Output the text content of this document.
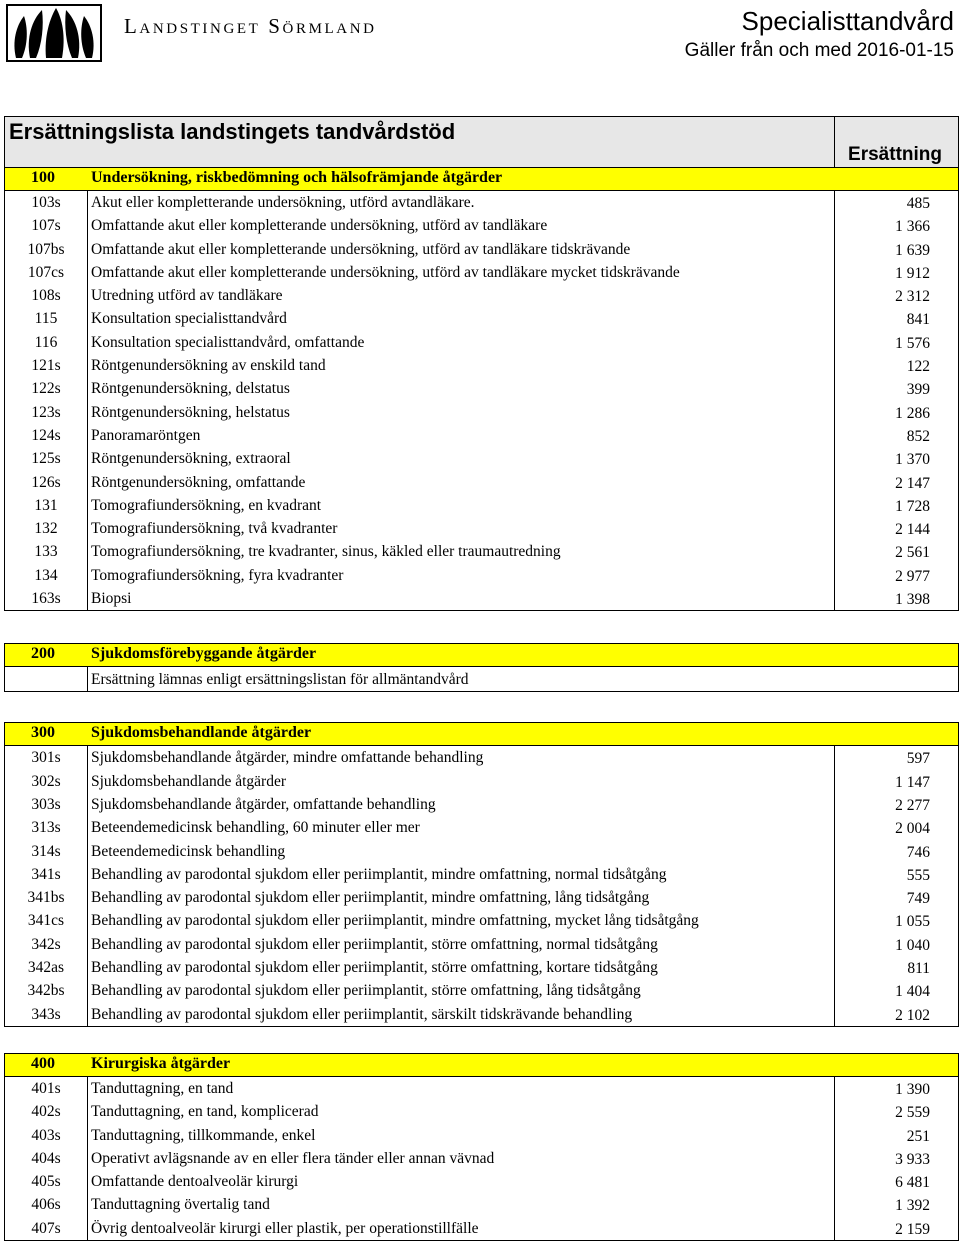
Landstinget Sörmland	Specialisttandvård
Gäller från och med 2016-01-15
Ersättningslista landstingets tandvårdstöd
Ersättning
100 Undersökning, riskbedömning och hälsofrämjande åtgärder
103s	Akut eller kompletterande undersökning, utförd avtandläkare.	485
107s	Omfattande akut eller kompletterande undersökning, utförd av tandläkare	1 366
107bs	Omfattande akut eller kompletterande undersökning, utförd av tandläkare tidskrävande	1 639
107cs	Omfattande akut eller kompletterande undersökning, utförd av tandläkare mycket tidskrävande	1 912
108s	Utredning utförd av tandläkare	2 312
115	Konsultation specialisttandvård	841
116	Konsultation specialisttandvård, omfattande	1 576
121s	Röntgenundersökning av enskild tand	122
122s	Röntgenundersökning, delstatus	399
123s	Röntgenundersökning, helstatus	1 286
124s	Panoramaröntgen	852
125s	Röntgenundersökning, extraoral	1 370
126s	Röntgenundersökning, omfattande	2 147
131	Tomografiundersökning, en kvadrant	1 728
132	Tomografiundersökning, två kvadranter	2 144
133	Tomografiundersökning, tre kvadranter, sinus, käkled eller traumautredning	2 561
134	Tomografiundersökning, fyra kvadranter	2 977
163s	Biopsi	1 398
200 Sjukdomsförebyggande åtgärder
Ersättning lämnas enligt ersättningslistan för allmäntandvård
300 Sjukdomsbehandlande åtgärder
301s	Sjukdomsbehandlande åtgärder, mindre omfattande behandling	597
302s	Sjukdomsbehandlande åtgärder	1 147
303s	Sjukdomsbehandlande åtgärder, omfattande behandling	2 277
313s	Beteendemedicinsk behandling, 60 minuter eller mer	2 004
314s	Beteendemedicinsk behandling	746
341s	Behandling av parodontal sjukdom eller periimplantit, mindre omfattning, normal tidsåtgång	555
341bs	Behandling av parodontal sjukdom eller periimplantit, mindre omfattning, lång tidsåtgång	749
341cs	Behandling av parodontal sjukdom eller periimplantit, mindre omfattning, mycket lång tidsåtgång	1 055
342s	Behandling av parodontal sjukdom eller periimplantit, större omfattning, normal tidsåtgång	1 040
342as	Behandling av parodontal sjukdom eller periimplantit, större omfattning, kortare tidsåtgång	811
342bs	Behandling av parodontal sjukdom eller periimplantit, större omfattning, lång tidsåtgång	1 404
343s	Behandling av parodontal sjukdom eller periimplantit, särskilt tidskrävande behandling	2 102
400 Kirurgiska åtgärder
401s	Tanduttagning, en tand	1 390
402s	Tanduttagning, en tand, komplicerad	2 559
403s	Tanduttagning, tillkommande, enkel	251
404s	Operativt avlägsnande av en eller flera tänder eller annan vävnad	3 933
405s	Omfattande dentoalveolär kirurgi	6 481
406s	Tanduttagning övertalig tand	1 392
407s	Övrig dentoalveolär kirurgi eller plastik, per operationstillfälle	2 159
